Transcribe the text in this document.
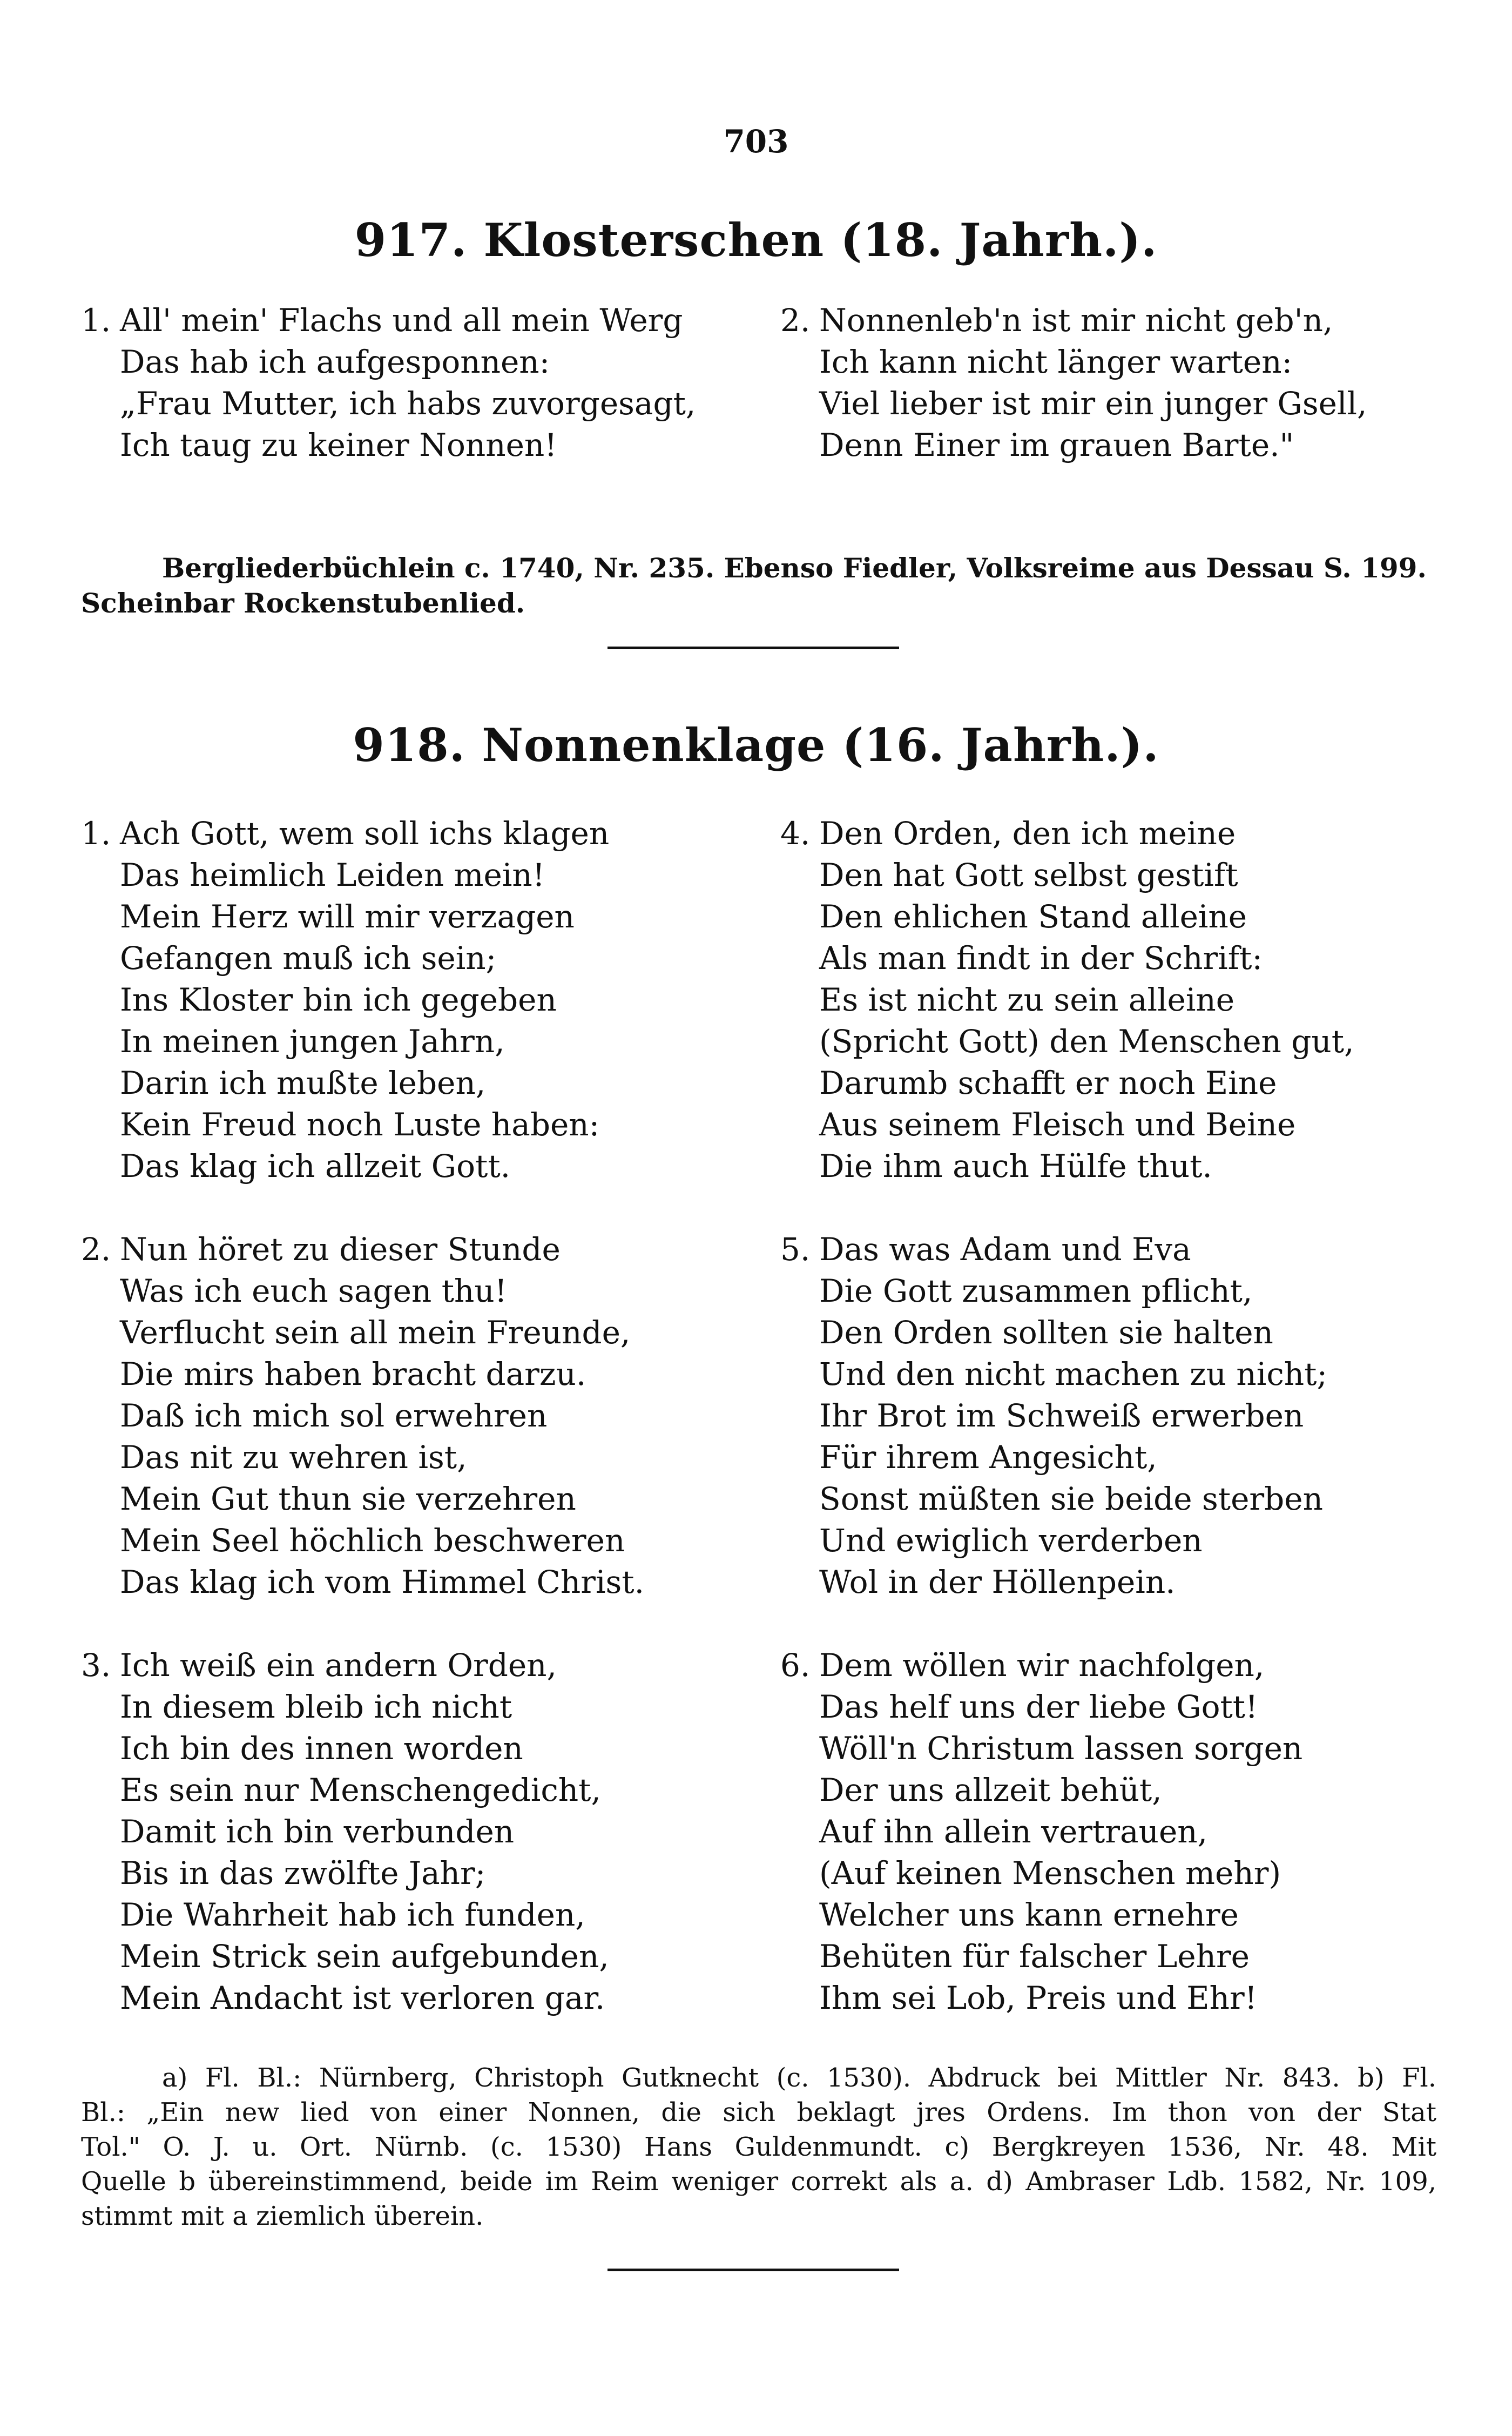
703
917. Klosterschen (18. Jahrh.).
1. All' mein' Flachs und all mein Werg
Das hab ich aufgesponnen:
„Frau Mutter, ich habs zuvorgesagt,
Ich taug zu keiner Nonnen!
2. Nonnenleb'n ist mir nicht geb'n,
Ich kann nicht länger warten:
Viel lieber ist mir ein junger Gsell,
Denn Einer im grauen Barte."
Bergliederbüchlein c. 1740, Nr. 235. Ebenso Fiedler, Volksreime aus Dessau S. 199.
Scheinbar Rockenstubenlied.
918. Nonnenklage (16. Jahrh.).
1. Ach Gott, wem soll ichs klagen
Das heimlich Leiden mein!
Mein Herz will mir verzagen
Gefangen muß ich sein;
Ins Kloster bin ich gegeben
In meinen jungen Jahrn,
Darin ich mußte leben,
Kein Freud noch Luste haben:
Das klag ich allzeit Gott.
2. Nun höret zu dieser Stunde
Was ich euch sagen thu!
Verflucht sein all mein Freunde,
Die mirs haben bracht darzu.
Daß ich mich sol erwehren
Das nit zu wehren ist,
Mein Gut thun sie verzehren
Mein Seel höchlich beschweren
Das klag ich vom Himmel Christ.
3. Ich weiß ein andern Orden,
In diesem bleib ich nicht
Ich bin des innen worden
Es sein nur Menschengedicht,
Damit ich bin verbunden
Bis in das zwölfte Jahr;
Die Wahrheit hab ich funden,
Mein Strick sein aufgebunden,
Mein Andacht ist verloren gar.
4. Den Orden, den ich meine
Den hat Gott selbst gestift
Den ehlichen Stand alleine
Als man findt in der Schrift:
Es ist nicht zu sein alleine
(Spricht Gott) den Menschen gut,
Darumb schafft er noch Eine
Aus seinem Fleisch und Beine
Die ihm auch Hülfe thut.
5. Das was Adam und Eva
Die Gott zusammen pflicht,
Den Orden sollten sie halten
Und den nicht machen zu nicht;
Ihr Brot im Schweiß erwerben
Für ihrem Angesicht,
Sonst müßten sie beide sterben
Und ewiglich verderben
Wol in der Höllenpein.
6. Dem wöllen wir nachfolgen,
Das helf uns der liebe Gott!
Wöll'n Christum lassen sorgen
Der uns allzeit behüt,
Auf ihn allein vertrauen,
(Auf keinen Menschen mehr)
Welcher uns kann ernehre
Behüten für falscher Lehre
Ihm sei Lob, Preis und Ehr!
a) Fl. Bl.: Nürnberg, Christoph Gutknecht (c. 1530). Abdruck bei Mittler Nr. 843. b) Fl.
Bl.: „Ein new lied von einer Nonnen, die sich beklagt jres Ordens. Im thon von der Stat
Tol." O. J. u. Ort. Nürnb. (c. 1530) Hans Guldenmundt. c) Bergkreyen 1536, Nr. 48. Mit
Quelle b übereinstimmend, beide im Reim weniger correkt als a. d) Ambraser Ldb. 1582, Nr. 109,
stimmt mit a ziemlich überein.
